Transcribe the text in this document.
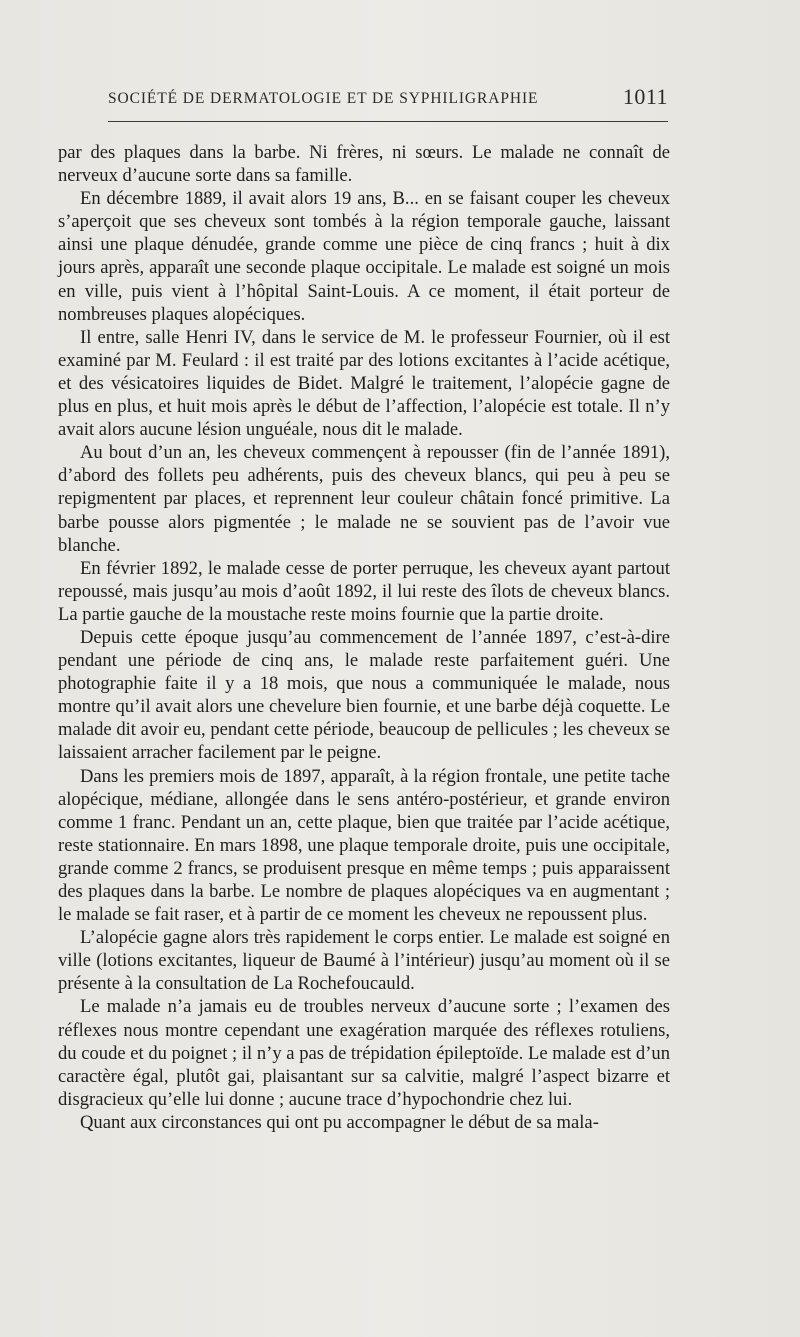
SOCIÉTÉ DE DERMATOLOGIE ET DE SYPHILIGRAPHIE	1011

par des plaques dans la barbe. Ni frères, ni sœurs. Le malade ne connaît de nerveux d’aucune sorte dans sa famille.

En décembre 1889, il avait alors 19 ans, B... en se faisant couper les cheveux s’aperçoit que ses cheveux sont tombés à la région temporale gauche, laissant ainsi une plaque dénudée, grande comme une pièce de cinq francs ; huit à dix jours après, apparaît une seconde plaque occipitale. Le malade est soigné un mois en ville, puis vient à l’hôpital Saint-Louis. A ce moment, il était porteur de nombreuses plaques alopéciques.

Il entre, salle Henri IV, dans le service de M. le professeur Fournier, où il est examiné par M. Feulard : il est traité par des lotions excitantes à l’acide acétique, et des vésicatoires liquides de Bidet. Malgré le traitement, l’alopécie gagne de plus en plus, et huit mois après le début de l’affection, l’alopécie est totale. Il n’y avait alors aucune lésion unguéale, nous dit le malade.

Au bout d’un an, les cheveux commençent à repousser (fin de l’année 1891), d’abord des follets peu adhérents, puis des cheveux blancs, qui peu à peu se repigmentent par places, et reprennent leur couleur châtain foncé primitive. La barbe pousse alors pigmentée ; le malade ne se souvient pas de l’avoir vue blanche.

En février 1892, le malade cesse de porter perruque, les cheveux ayant partout repoussé, mais jusqu’au mois d’août 1892, il lui reste des îlots de cheveux blancs. La partie gauche de la moustache reste moins fournie que la partie droite.

Depuis cette époque jusqu’au commencement de l’année 1897, c’est-à-dire pendant une période de cinq ans, le malade reste parfaitement guéri. Une photographie faite il y a 18 mois, que nous a communiquée le malade, nous montre qu’il avait alors une chevelure bien fournie, et une barbe déjà coquette. Le malade dit avoir eu, pendant cette période, beaucoup de pellicules ; les cheveux se laissaient arracher facilement par le peigne.

Dans les premiers mois de 1897, apparaît, à la région frontale, une petite tache alopécique, médiane, allongée dans le sens antéro-postérieur, et grande environ comme 1 franc. Pendant un an, cette plaque, bien que traitée par l’acide acétique, reste stationnaire. En mars 1898, une plaque temporale droite, puis une occipitale, grande comme 2 francs, se produisent presque en même temps ; puis apparaissent des plaques dans la barbe. Le nombre de plaques alopéciques va en augmentant ; le malade se fait raser, et à partir de ce moment les cheveux ne repoussent plus.

L’alopécie gagne alors très rapidement le corps entier. Le malade est soigné en ville (lotions excitantes, liqueur de Baumé à l’intérieur) jusqu’au moment où il se présente à la consultation de La Rochefoucauld.

Le malade n’a jamais eu de troubles nerveux d’aucune sorte ; l’examen des réflexes nous montre cependant une exagération marquée des réflexes rotuliens, du coude et du poignet ; il n’y a pas de trépidation épileptoïde. Le malade est d’un caractère égal, plutôt gai, plaisantant sur sa calvitie, malgré l’aspect bizarre et disgracieux qu’elle lui donne ; aucune trace d’hypochondrie chez lui.

Quant aux circonstances qui ont pu accompagner le début de sa mala-
